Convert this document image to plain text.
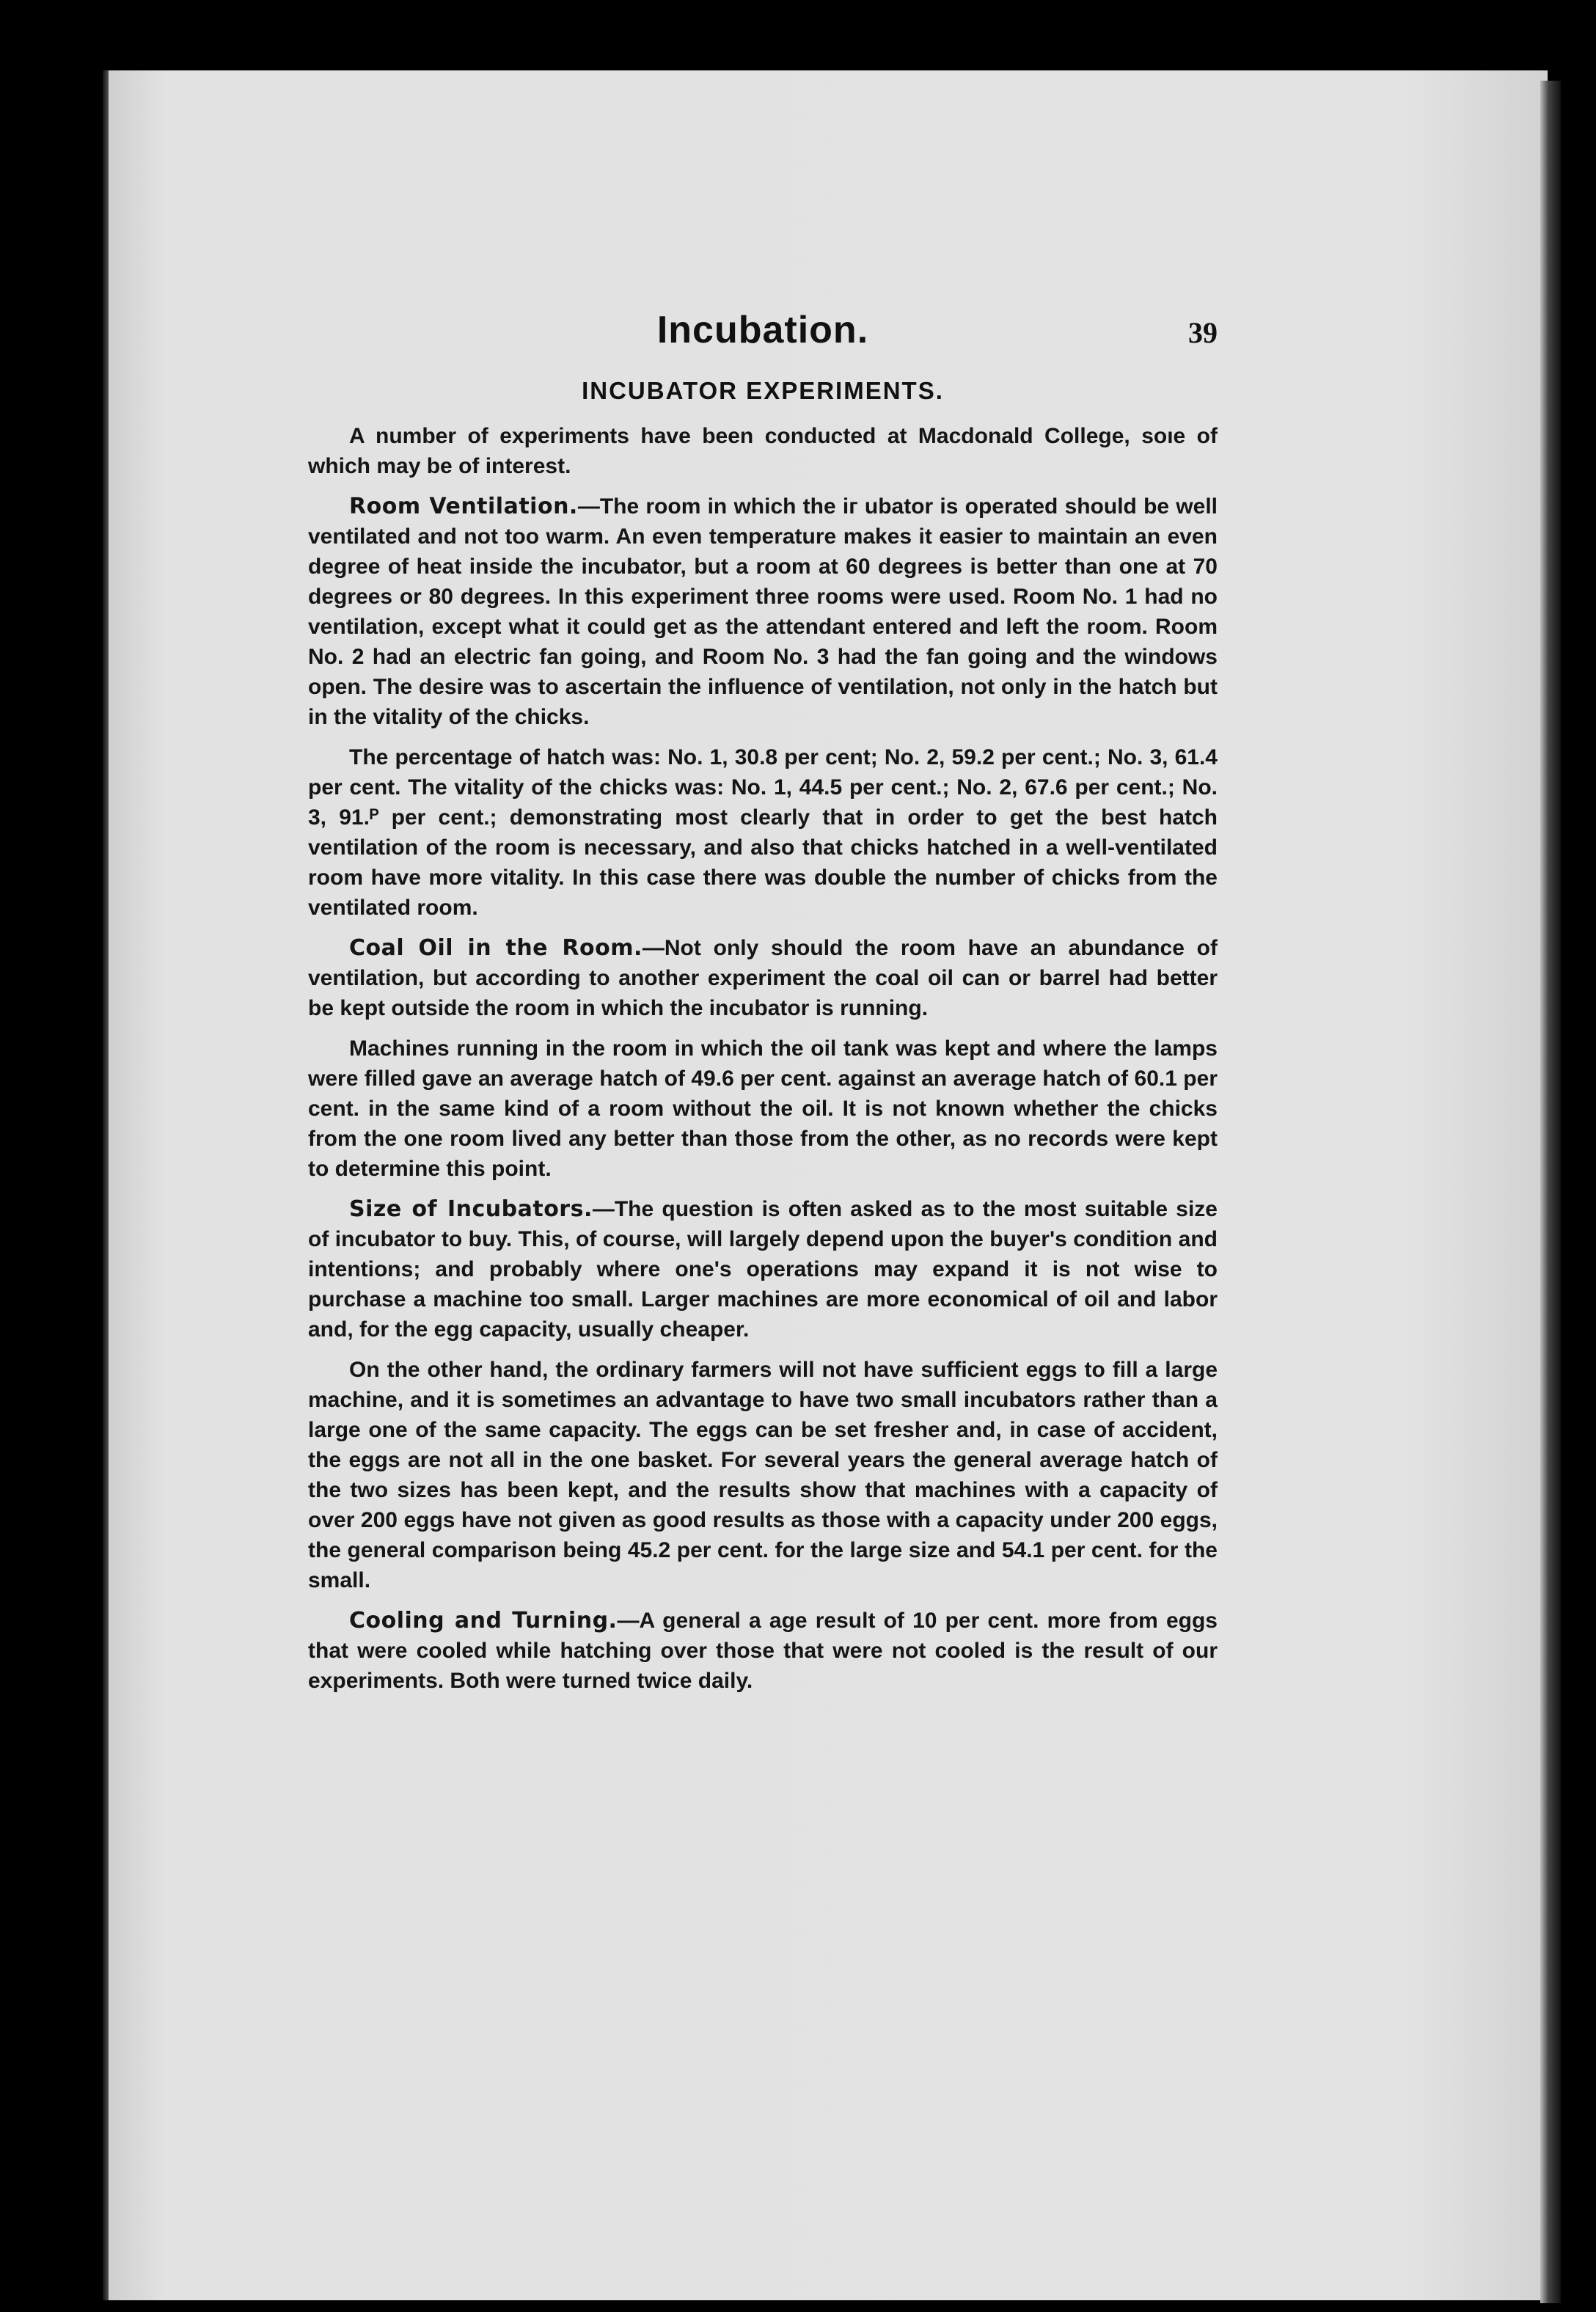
Incubation.	39
INCUBATOR EXPERIMENTS.

A number of experiments have been conducted at Macdonald College, soıe of which may be of interest.

Room Ventilation.—The room in which the iг ubator is operated should be well ventilated and not too warm. An even temperature makes it easier to maintain an even degree of heat inside the incubator, but a room at 60 degrees is better than one at 70 degrees or 80 degrees. In this experiment three rooms were used. Room No. 1 had no ventilation, except what it could get as the attendant entered and left the room. Room No. 2 had an electric fan going, and Room No. 3 had the fan going and the windows open. The desire was to ascertain the influence of ventilation, not only in the hatch but in the vitality of the chicks.

The percentage of hatch was: No. 1, 30.8 per cent; No. 2, 59.2 per cent.; No. 3, 61.4 per cent. The vitality of the chicks was: No. 1, 44.5 per cent.; No. 2, 67.6 per cent.; No. 3, 91.ᴾ per cent.; demonstrating most clearly that in order to get the best hatch ventilation of the room is necessary, and also that chicks hatched in a well-ventilated room have more vitality. In this case there was double the number of chicks from the ventilated room.

Coal Oil in the Room.—Not only should the room have an abundance of ventilation, but according to another experiment the coal oil can or barrel had better be kept outside the room in which the incubator is running.

Machines running in the room in which the oil tank was kept and where the lamps were filled gave an average hatch of 49.6 per cent. against an average hatch of 60.1 per cent. in the same kind of a room without the oil. It is not known whether the chicks from the one room lived any better than those from the other, as no records were kept to determine this point.

Size of Incubators.—The question is often asked as to the most suitable size of incubator to buy. This, of course, will largely depend upon the buyer's condition and intentions; and probably where one's operations may expand it is not wise to purchase a machine too small. Larger machines are more economical of oil and labor and, for the egg capacity, usually cheaper.

On the other hand, the ordinary farmers will not have sufficient eggs to fill a large machine, and it is sometimes an advantage to have two small incubators rather than a large one of the same capacity. The eggs can be set fresher and, in case of accident, the eggs are not all in the one basket. For several years the general average hatch of the two sizes has been kept, and the results show that machines with a capacity of over 200 eggs have not given as good results as those with a capacity under 200 eggs, the general comparison being 45.2 per cent. for the large size and 54.1 per cent. for the small.

Cooling and Turning.—A general a age result of 10 per cent. more from eggs that were cooled while hatching over those that were not cooled is the result of our experiments. Both were turned twice daily.
